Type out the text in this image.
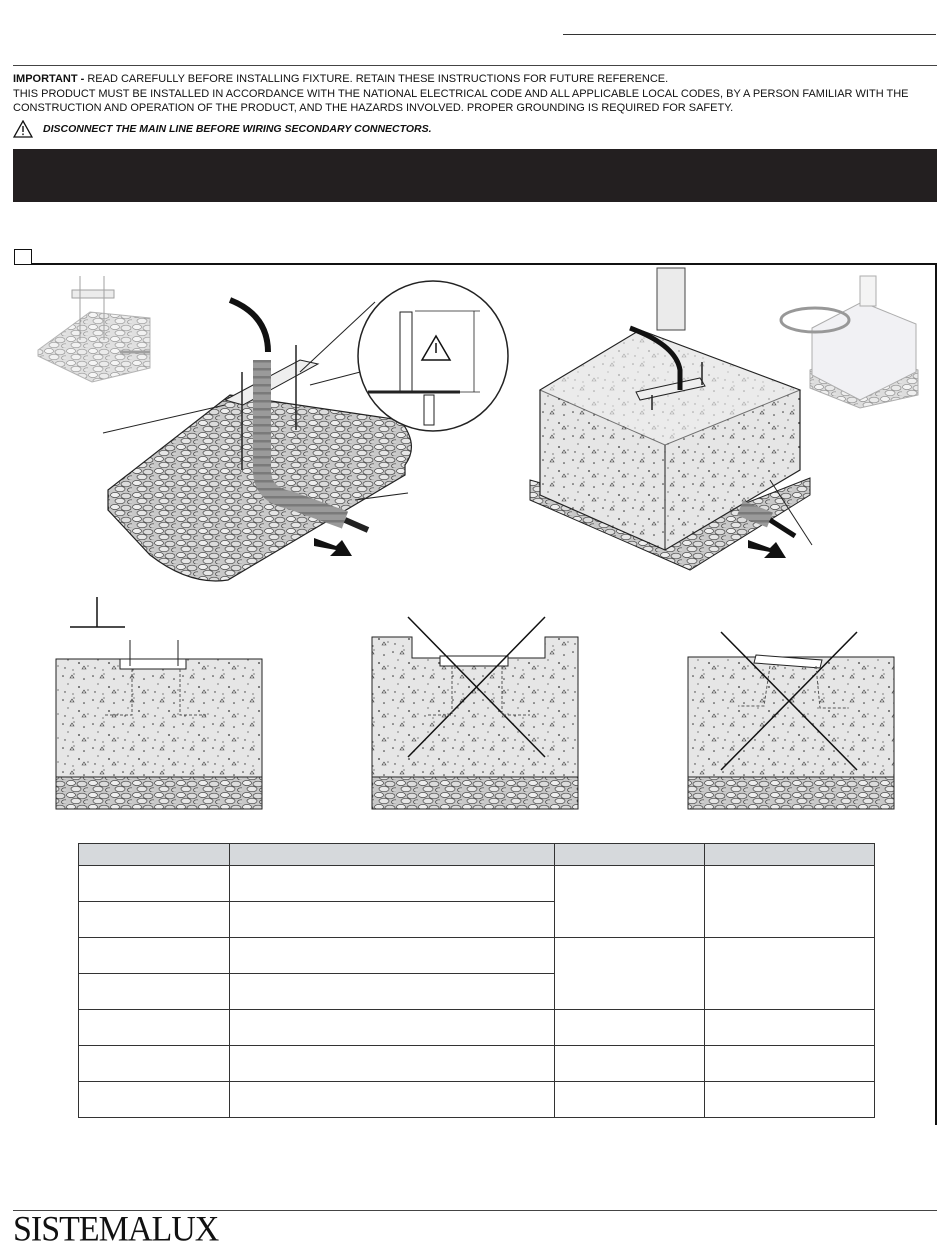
IMPORTANT - READ CAREFULLY BEFORE INSTALLING FIXTURE. RETAIN THESE INSTRUCTIONS FOR FUTURE REFERENCE.
THIS PRODUCT MUST BE INSTALLED IN ACCORDANCE WITH THE NATIONAL ELECTRICAL CODE AND ALL APPLICABLE LOCAL CODES, BY A PERSON FAMILIAR WITH THE CONSTRUCTION AND OPERATION OF THE PRODUCT, AND THE HAZARDS INVOLVED. PROPER GROUNDING IS REQUIRED FOR SAFETY.
DISCONNECT THE MAIN LINE BEFORE WIRING SECONDARY CONNECTORS.

SISTEMALUX
